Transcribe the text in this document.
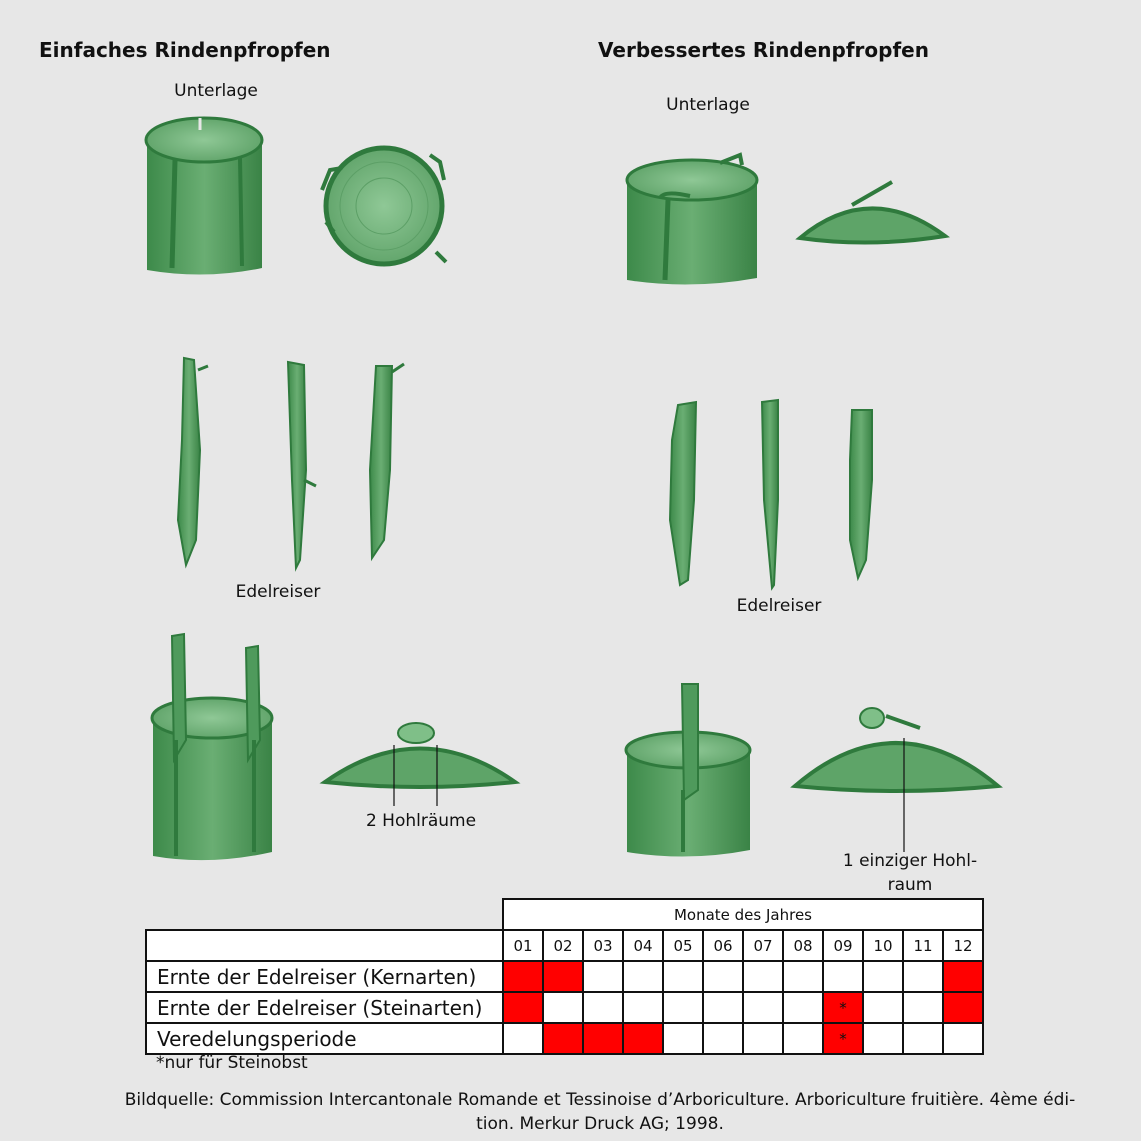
Einfaches Rindenpfropfen	Verbessertes Rindenpfropfen
Unterlage
Unterlage
Edelreiser
Edelreiser
2 Hohlräume
1 einziger Hohl-
raum
	Monate des Jahres											
	01	02	03	04	05	06	07	08	09	10	11	12
Ernte der Edelreiser (Kernarten)												
Ernte der Edelreiser (Steinarten)									*			
Veredelungsperiode									*			
*nur für Steinobst
Bildquelle: Commission Intercantonale Romande et Tessinoise d’Arboriculture. Arboriculture fruitière. 4ème édi-
tion. Merkur Druck AG; 1998.
